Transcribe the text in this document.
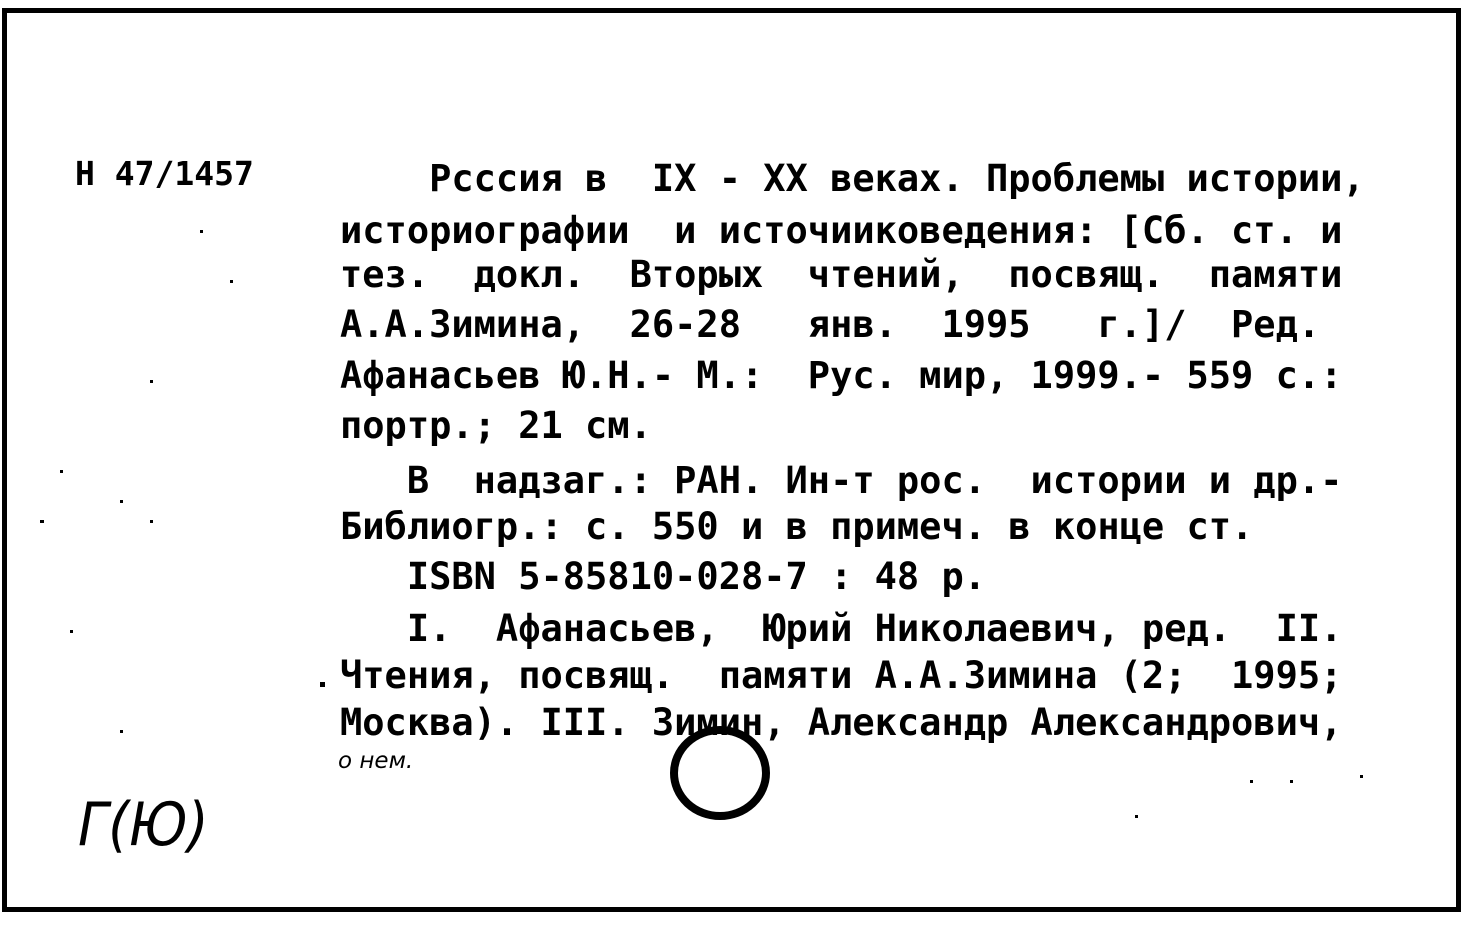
Н 47/1457 Рсссия в  IX - XX веках. Проблемы истории,
историографии  и источииковедения: [Сб. ст. и
тез.  докл.  Вторых  чтений,  посвящ.  памяти
А.А.Зимина,  26-28   янв.  1995   г.]/  Ред.
Афанасьев Ю.Н.- М.:  Рус. мир, 1999.- 559 с.:
портр.; 21 см.
В  надзаг.: РАН. Ин-т рос.  истории и др.-
Библиогр.: с. 550 и в примеч. в конце ст.
ISBN 5-85810-028-7 : 48 р.
I.  Афанасьев,  Юрий Николаевич, ред.  II.
Чтения, посвящ.  памяти А.А.Зимина (2;  1995;
Москва). III. Зимин, Александр Александрович,
о нем.
Г(Ю)
